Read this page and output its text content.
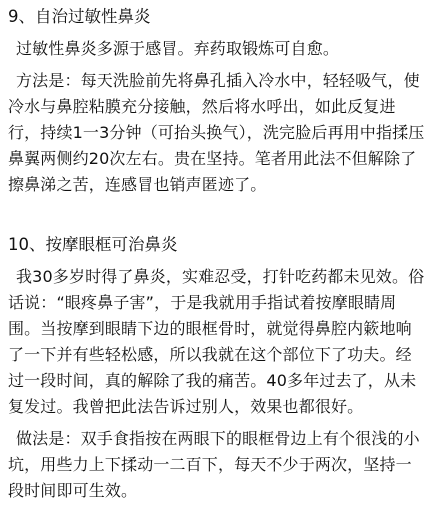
9、自治过敏性鼻炎

过敏性鼻炎多源于感冒。弃药取锻炼可自愈。

方法是：每天洗脸前先将鼻孔插入冷水中，轻轻吸气，使冷水与鼻腔粘膜充分接触，然后将水呼出，如此反复进行，持续1一3分钟（可抬头换气），洗完脸后再用中指揉压鼻翼两侧约20次左右。贵在坚持。笔者用此法不但解除了擦鼻涕之苦，连感冒也销声匿迹了。

10、按摩眼框可治鼻炎

我30多岁时得了鼻炎，实难忍受，打针吃药都未见效。俗话说：“眼疼鼻子害”，于是我就用手指试着按摩眼睛周围。当按摩到眼睛下边的眼框骨时，就觉得鼻腔内簌地响了一下并有些轻松感，所以我就在这个部位下了功夫。经过一段时间，真的解除了我的痛苦。40多年过去了，从未复发过。我曾把此法告诉过别人，效果也都很好。

做法是：双手食指按在两眼下的眼框骨边上有个很浅的小坑，用些力上下揉动一二百下，每天不少于两次，坚持一段时间即可生效。
